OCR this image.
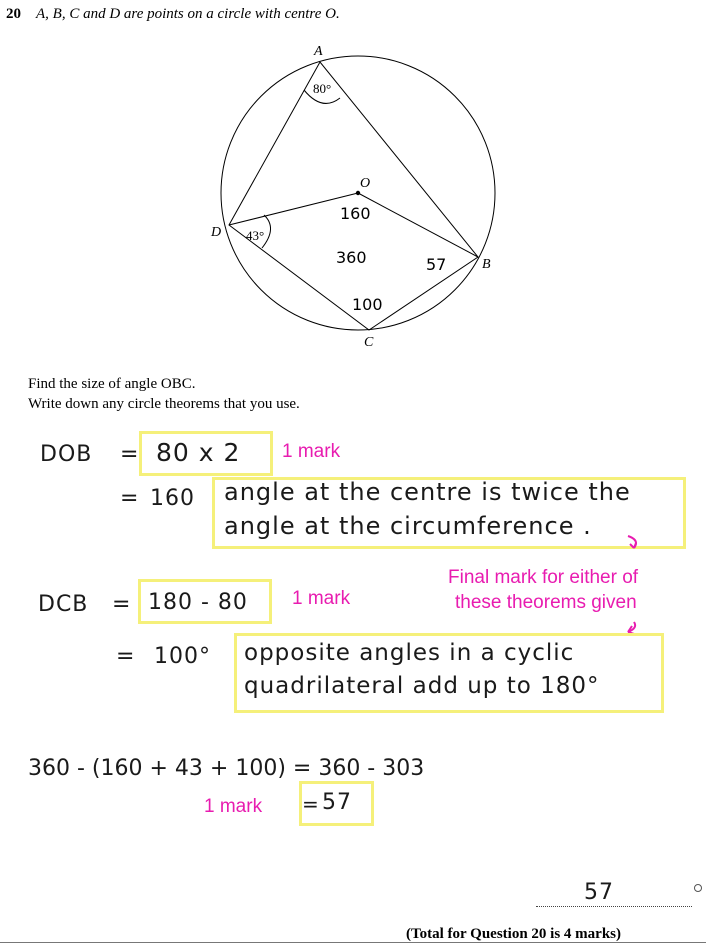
20 A, B, C and D are points on a circle with centre O.
A
B
C
D
O
80°
43°
160
360	57
100
Find the size of angle OBC.
Write down any circle theorems that you use.
DOB = 80 x 2 1 mark
= 160 angle at the centre is twice the
angle at the circumference .
Final mark for either of
these theorems given
DCB = 180 - 80 1 mark
= 100° opposite angles in a cyclic
quadrilateral add up to 180°
360 - (160 + 43 + 100) = 360 - 303
1 mark = 57
57
(Total for Question 20 is 4 marks)
